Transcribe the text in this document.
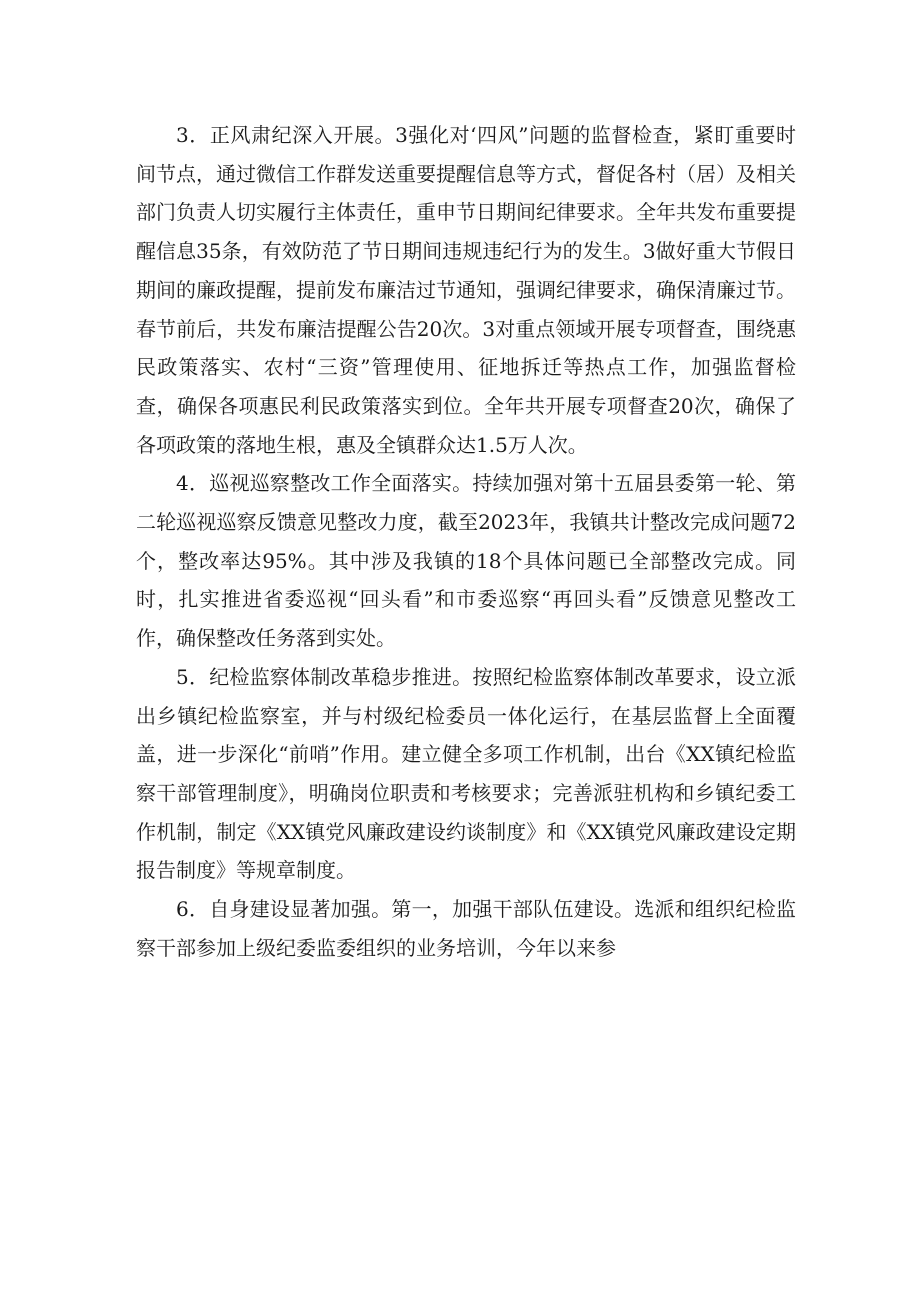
3．正风肃纪深入开展。3强化对‘四风”问题的监督检查，紧盯重要时间节点，通过微信工作群发送重要提醒信息等方式，督促各村（居）及相关部门负责人切实履行主体责任，重申节日期间纪律要求。全年共发布重要提醒信息35条，有效防范了节日期间违规违纪行为的发生。3做好重大节假日期间的廉政提醒，提前发布廉洁过节通知，强调纪律要求，确保清廉过节。春节前后，共发布廉洁提醒公告20次。3对重点领域开展专项督查，围绕惠民政策落实、农村“三资”管理使用、征地拆迁等热点工作，加强监督检查，确保各项惠民利民政策落实到位。全年共开展专项督查20次，确保了各项政策的落地生根，惠及全镇群众达1.5万人次。

4．巡视巡察整改工作全面落实。持续加强对第十五届县委第一轮、第二轮巡视巡察反馈意见整改力度，截至2023年，我镇共计整改完成问题72个，整改率达95%。其中涉及我镇的18个具体问题已全部整改完成。同时，扎实推进省委巡视“回头看”和市委巡察“再回头看”反馈意见整改工作，确保整改任务落到实处。

5．纪检监察体制改革稳步推进。按照纪检监察体制改革要求，设立派出乡镇纪检监察室，并与村级纪检委员一体化运行，在基层监督上全面覆盖，进一步深化“前哨”作用。建立健全多项工作机制，出台《XX镇纪检监察干部管理制度》，明确岗位职责和考核要求；完善派驻机构和乡镇纪委工作机制，制定《XX镇党风廉政建设约谈制度》和《XX镇党风廉政建设定期报告制度》等规章制度。

6．自身建设显著加强。第一，加强干部队伍建设。选派和组织纪检监察干部参加上级纪委监委组织的业务培训，今年以来参
